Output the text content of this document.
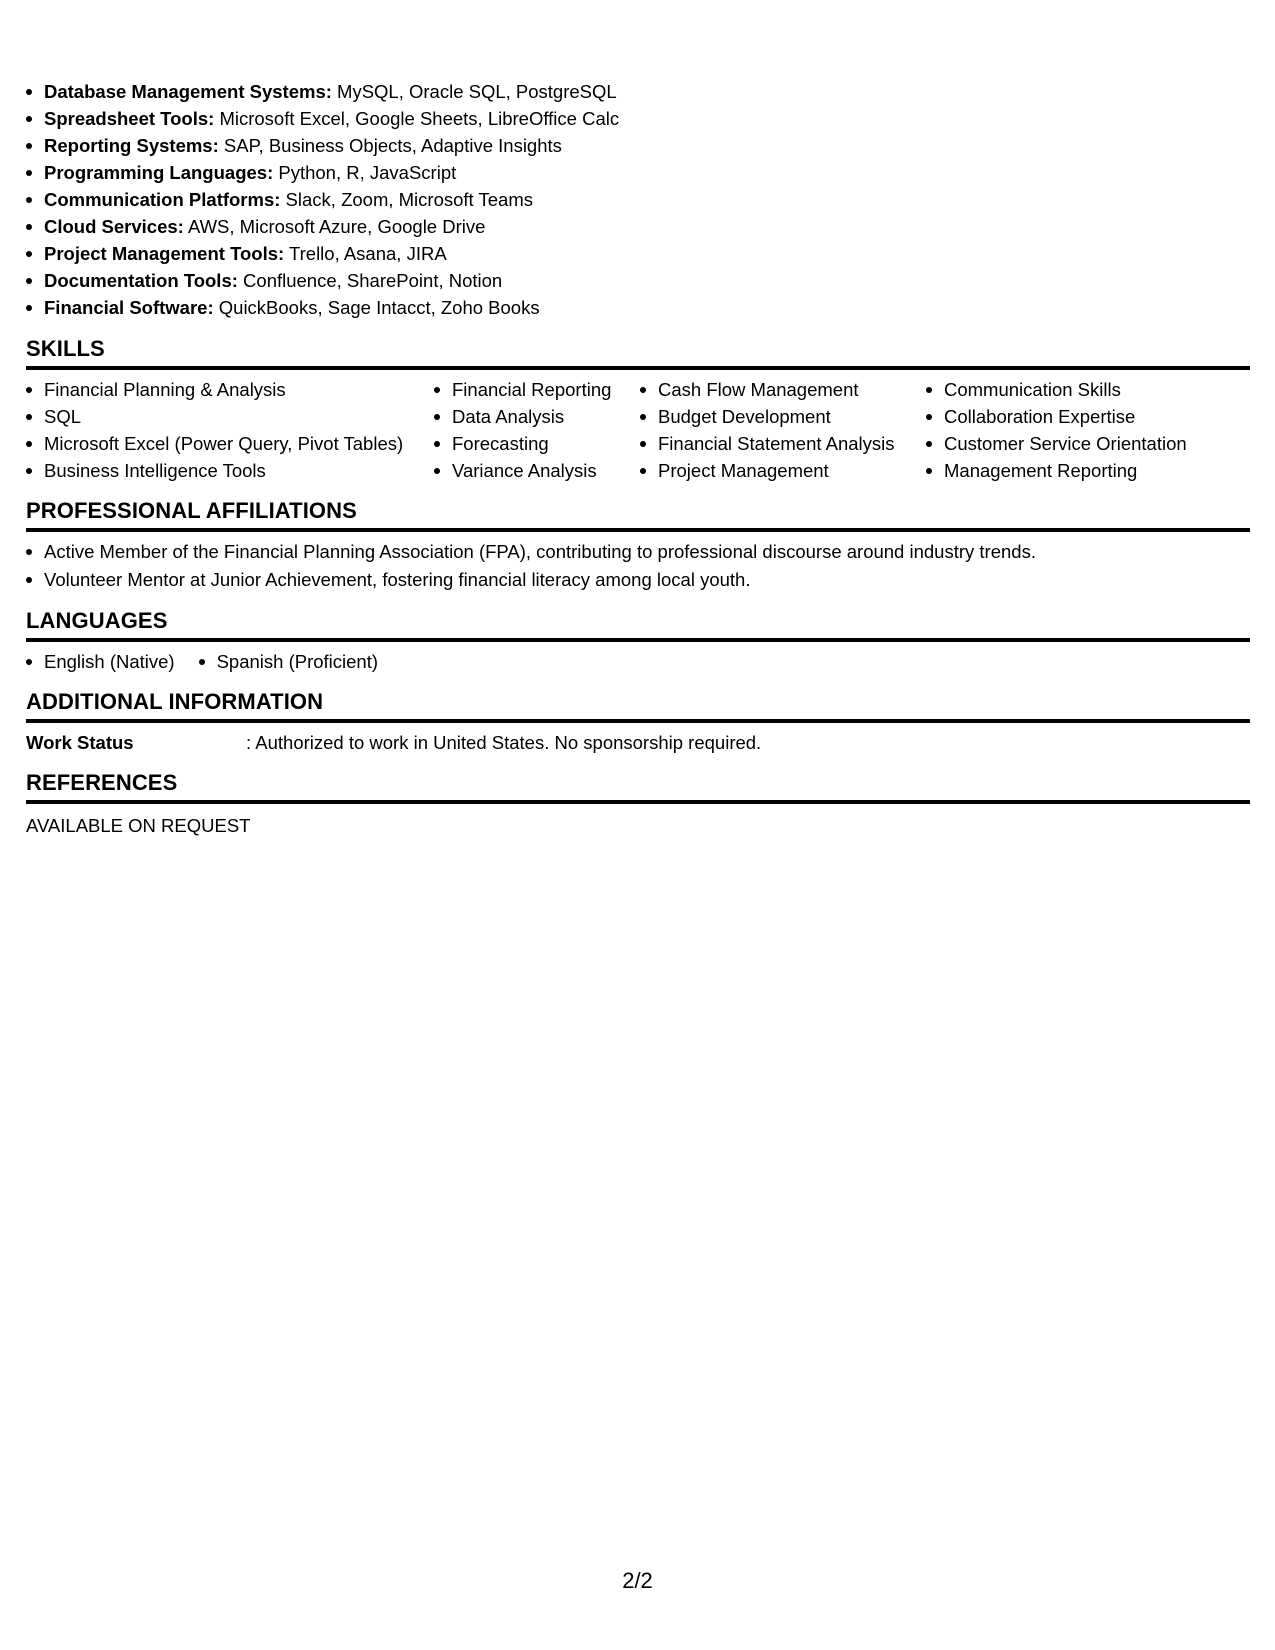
Database Management Systems: MySQL, Oracle SQL, PostgreSQL
Spreadsheet Tools: Microsoft Excel, Google Sheets, LibreOffice Calc
Reporting Systems: SAP, Business Objects, Adaptive Insights
Programming Languages: Python, R, JavaScript
Communication Platforms: Slack, Zoom, Microsoft Teams
Cloud Services: AWS, Microsoft Azure, Google Drive
Project Management Tools: Trello, Asana, JIRA
Documentation Tools: Confluence, SharePoint, Notion
Financial Software: QuickBooks, Sage Intacct, Zoho Books
SKILLS
Financial Planning & Analysis
SQL
Microsoft Excel (Power Query, Pivot Tables)
Business Intelligence Tools
Financial Reporting
Data Analysis
Forecasting
Variance Analysis
Cash Flow Management
Budget Development
Financial Statement Analysis
Project Management
Communication Skills
Collaboration Expertise
Customer Service Orientation
Management Reporting
PROFESSIONAL AFFILIATIONS
Active Member of the Financial Planning Association (FPA), contributing to professional discourse around industry trends.
Volunteer Mentor at Junior Achievement, fostering financial literacy among local youth.
LANGUAGES
English (Native)	Spanish (Proficient)
ADDITIONAL INFORMATION
Work Status	: Authorized to work in United States. No sponsorship required.
REFERENCES
AVAILABLE ON REQUEST
2/2
